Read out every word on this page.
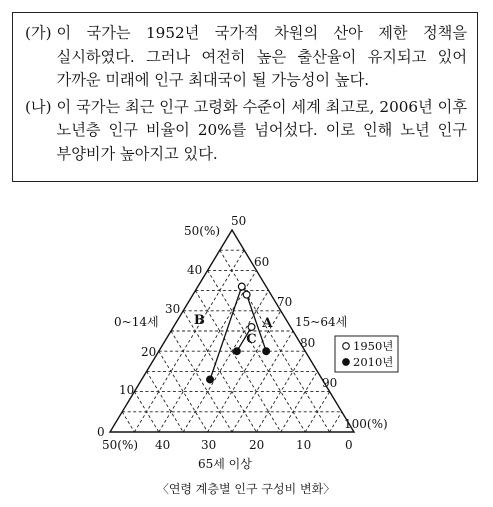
(가) 이 국가는 1952년 국가적 차원의 산아 제한 정책을 실시하였다. 그러나 여전히 높은 출산율이 유지되고 있어 가까운 미래에 인구 최대국이 될 가능성이 높다.
(나) 이 국가는 최근 인구 고령화 수준이 세계 최고로, 2006년 이후 노년층 인구 비율이 20%를 넘어섰다. 이로 인해 노년 인구 부양비가 높아지고 있다.
50(%)
40
30
20
10
0
50
60
70
80
90
100(%)
50(%) 40	30	20	10	0
0~14세	15~64세
65세 이상
A
B
C	1950년
2010년
〈연령 계층별 인구 구성비 변화〉
